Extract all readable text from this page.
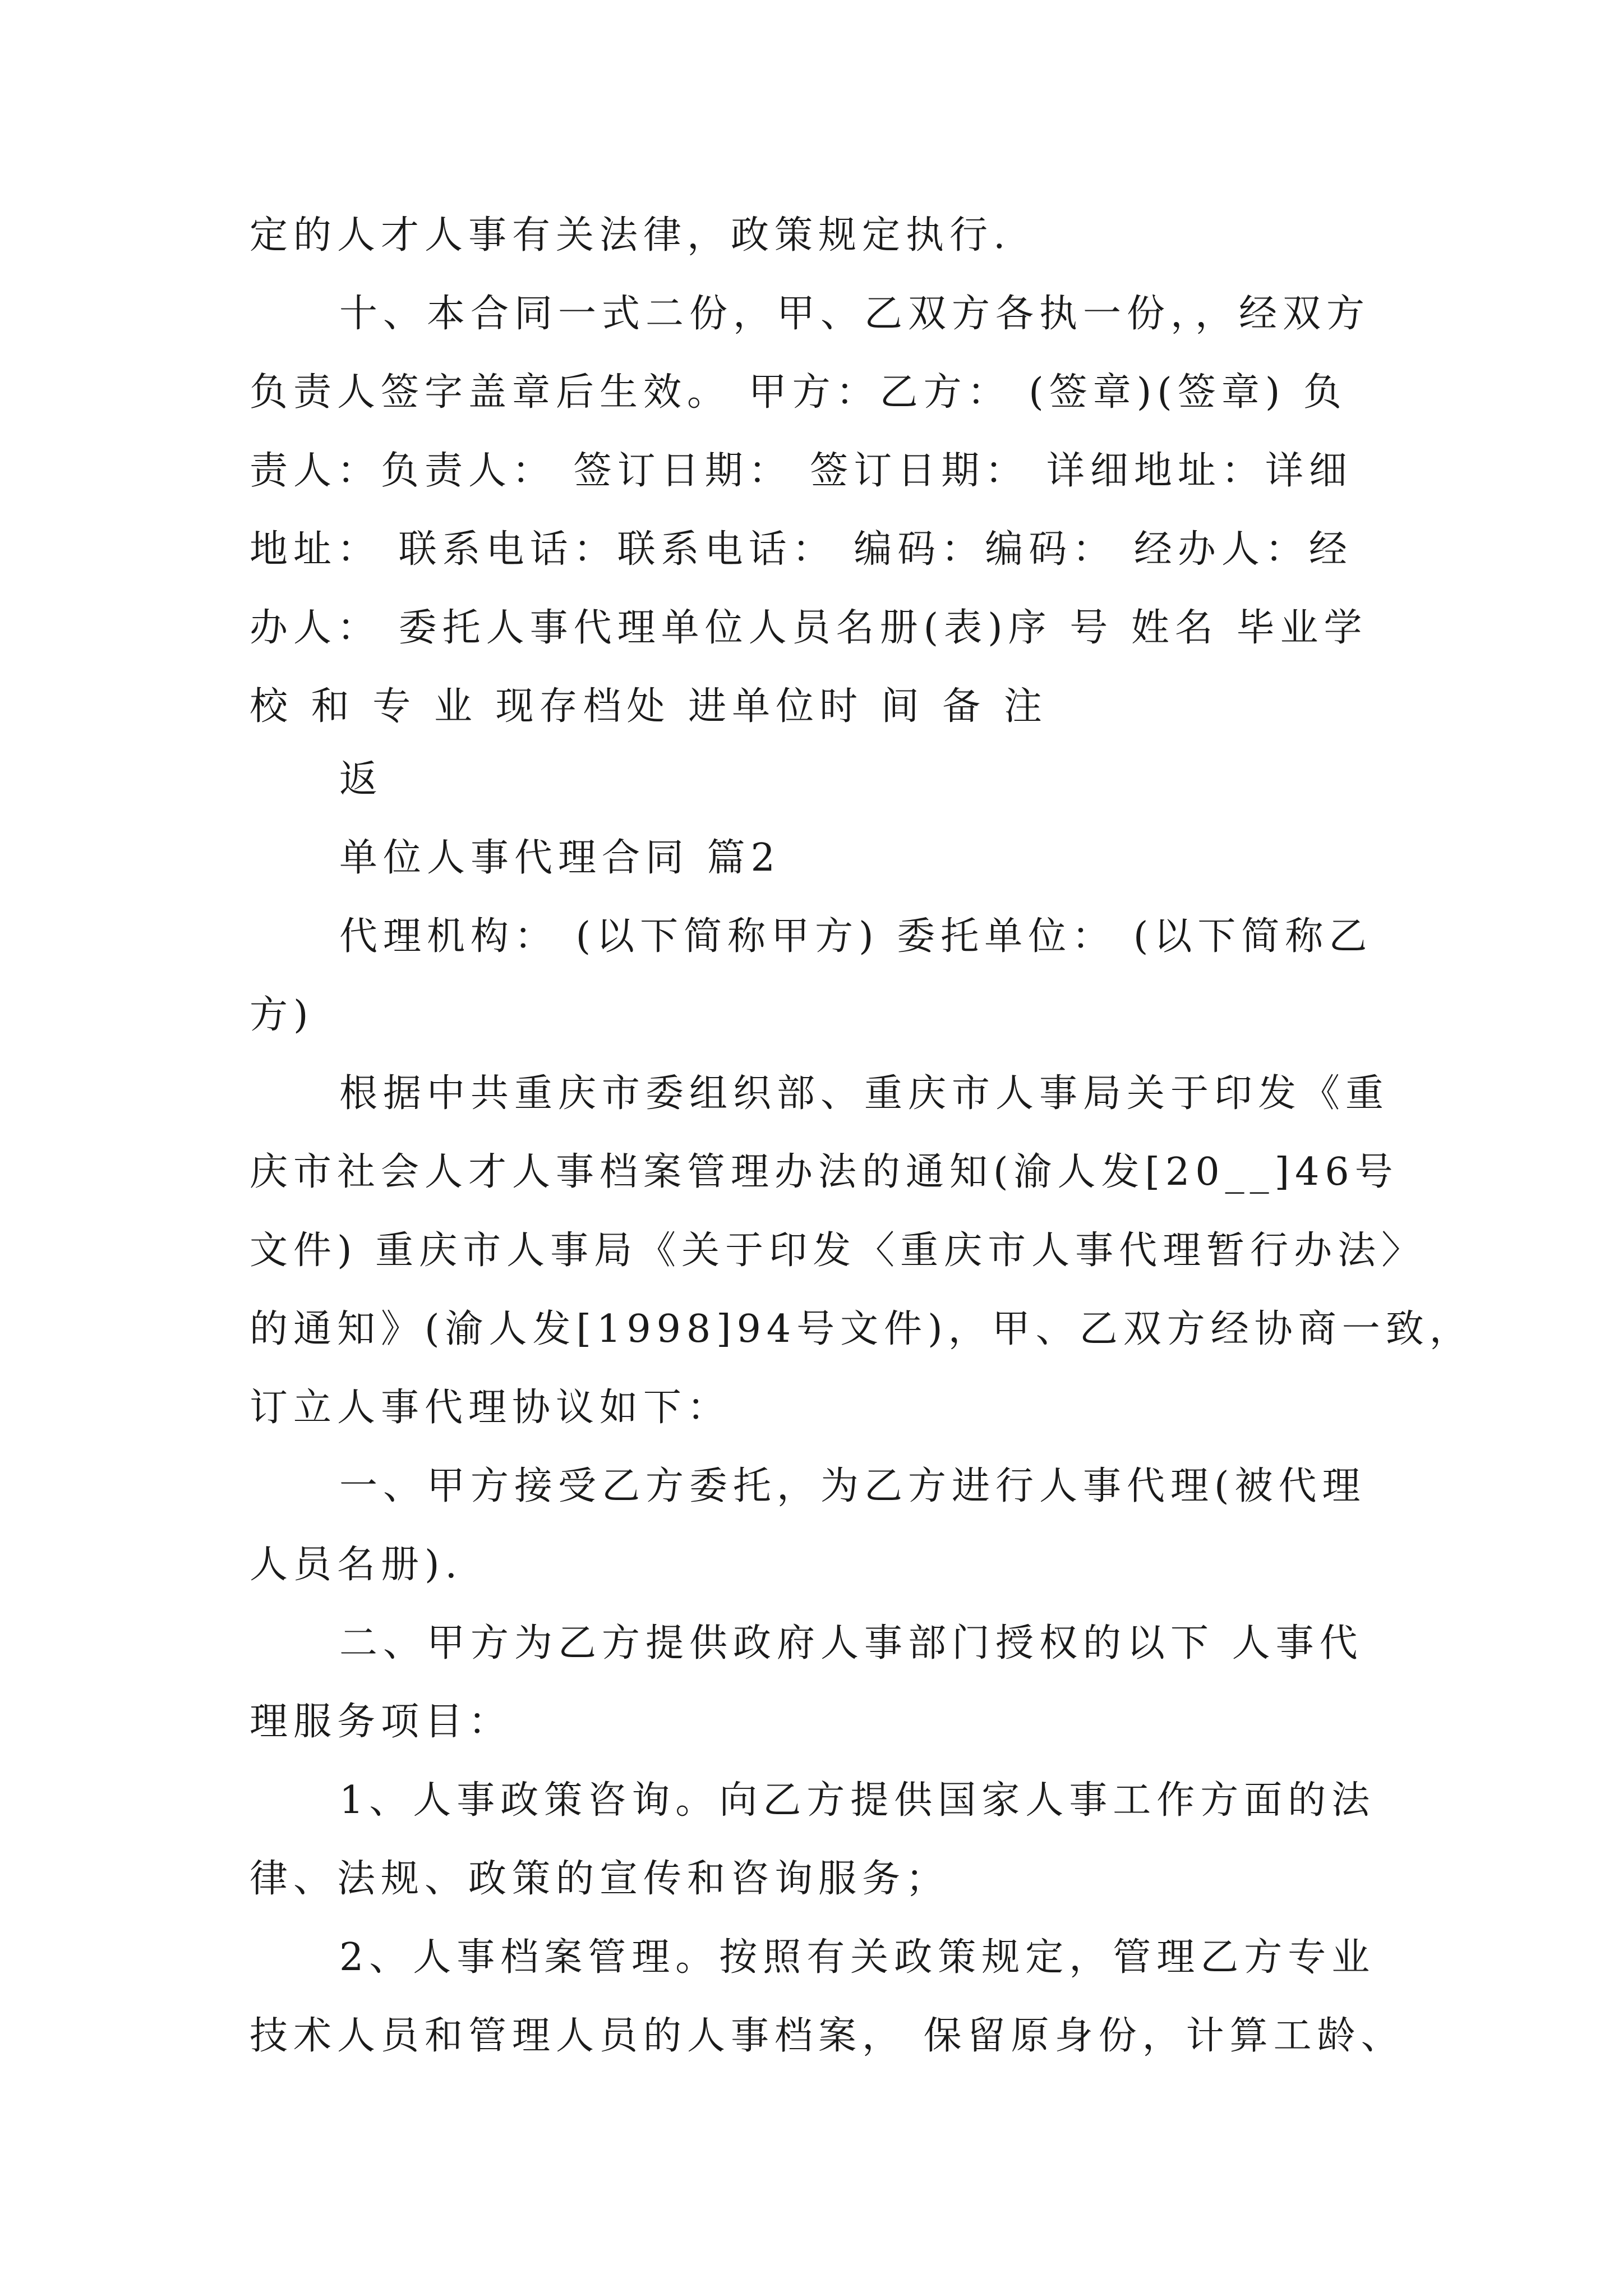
定的人才人事有关法律，政策规定执行.
十、本合同一式二份，甲、乙双方各执一份，，经双方
负责人签字盖章后生效。 甲方：乙方： (签章)(签章) 负
责人：负责人： 签订日期： 签订日期： 详细地址：详细
地址： 联系电话：联系电话： 编码：编码： 经办人：经
办人： 委托人事代理单位人员名册(表)序 号 姓名 毕业学
校 和 专 业 现存档处 进单位时 间 备 注
返
单位人事代理合同 篇2
代理机构： (以下简称甲方) 委托单位： (以下简称乙
方)
根据中共重庆市委组织部、重庆市人事局关于印发《重
庆市社会人才人事档案管理办法的通知(渝人发[20__]46号
文件) 重庆市人事局《关于印发〈重庆市人事代理暂行办法〉
的通知》(渝人发[1998]94号文件)，甲、乙双方经协商一致，
订立人事代理协议如下：
一、甲方接受乙方委托，为乙方进行人事代理(被代理
人员名册).
二、甲方为乙方提供政府人事部门授权的以下 人事代
理服务项目：
1、人事政策咨询。向乙方提供国家人事工作方面的法
律、法规、政策的宣传和咨询服务；
2、人事档案管理。按照有关政策规定，管理乙方专业
技术人员和管理人员的人事档案， 保留原身份，计算工龄、
